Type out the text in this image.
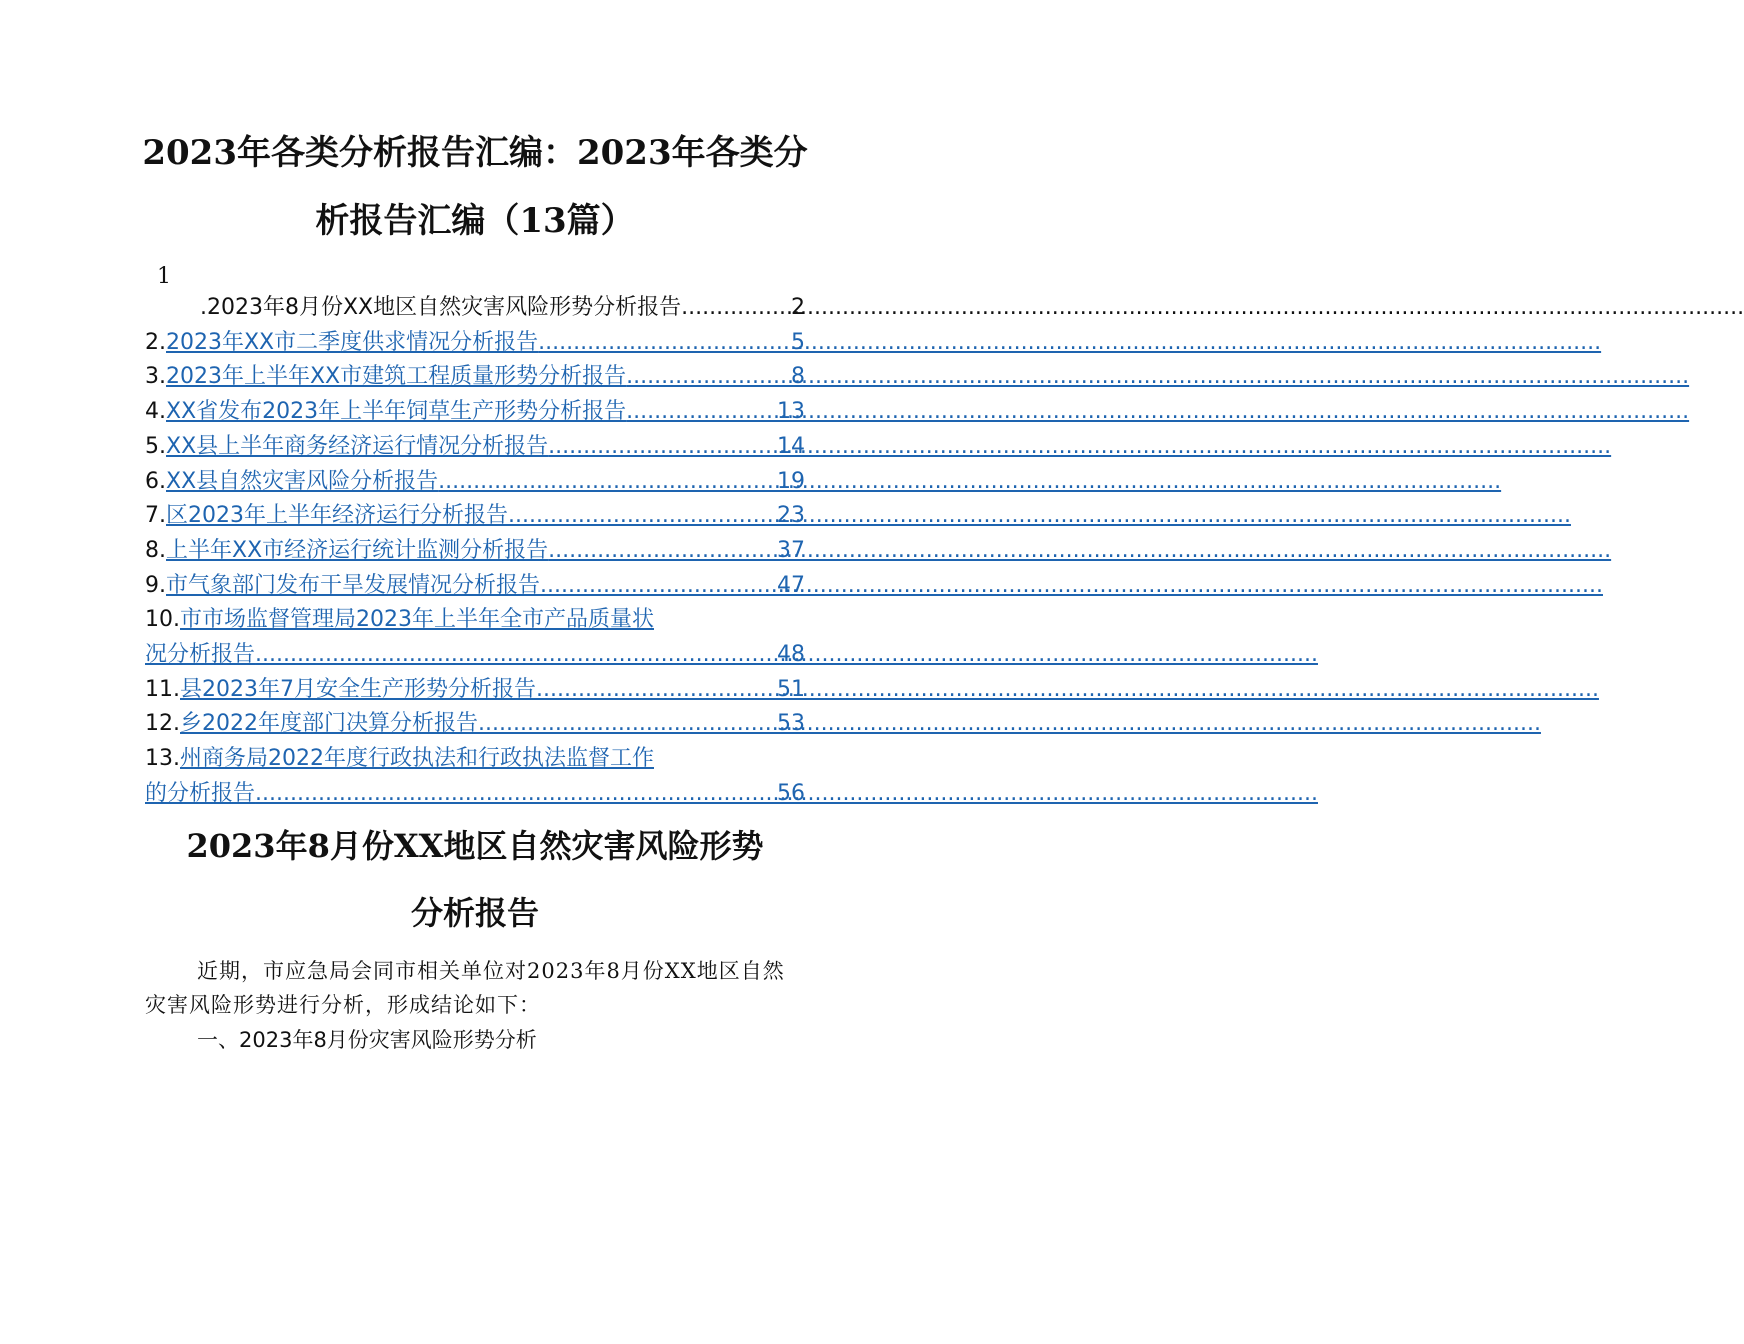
2023年各类分析报告汇编：2023年各类分
析报告汇编（13篇）
1
.2023年8月份XX地区自然灾害风险形势分析报告 .....	2
2. 2023年XX市二季度供求情况分析报告 .....	5
3. 2023年上半年XX市建筑工程质量形势分析报告 .....	8
4. XX省发布2023年上半年饲草生产形势分析报告 .....	13
5. XX县上半年商务经济运行情况分析报告 .....	14
6. XX县自然灾害风险分析报告 .....	19
7. 区2023年上半年经济运行分析报告 .....	23
8. 上半年XX市经济运行统计监测分析报告 .....	37
9. 市气象部门发布干旱发展情况分析报告 .....	47
10. 市市场监督管理局2023年上半年全市产品质量状
况分析报告 .....	48
11. 县2023年7月安全生产形势分析报告 .....	51
12. 乡2022年度部门决算分析报告 .....	53
13. 州商务局2022年度行政执法和行政执法监督工作
的分析报告 .....	56
2023年8月份XX地区自然灾害风险形势
分析报告

近期，市应急局会同市相关单位对2023年8月份XX地区自然灾害风险形势进行分析，形成结论如下：

一、2023年8月份灾害风险形势分析
